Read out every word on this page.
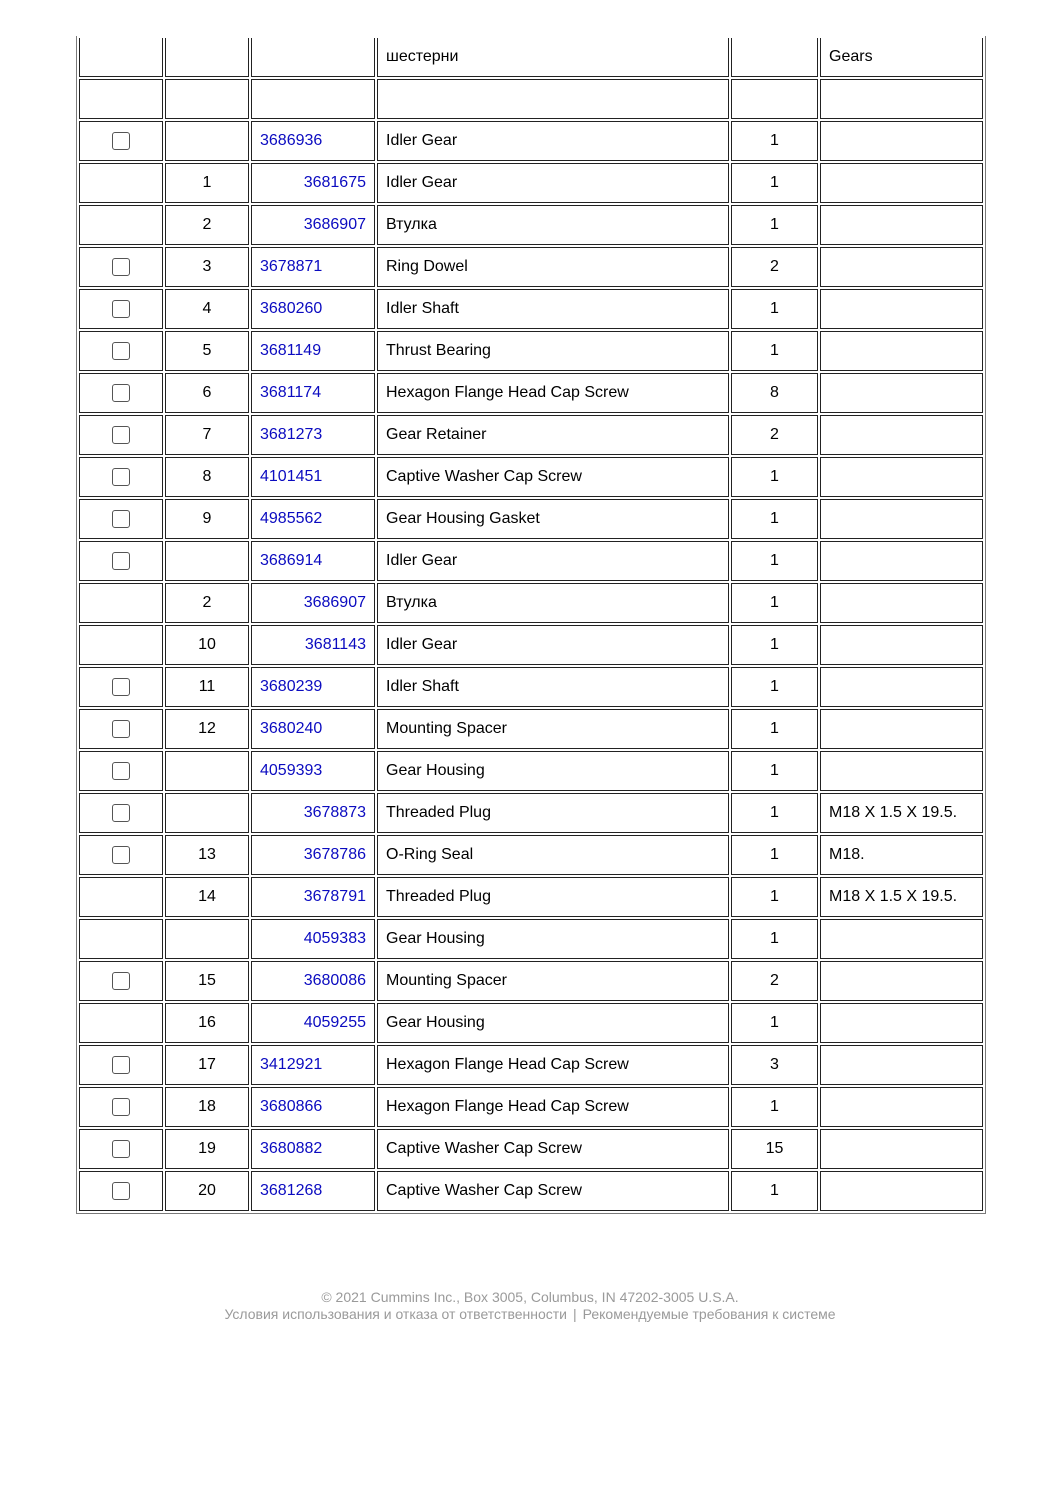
			шестерни		Gears

		3686936	Idler Gear	1	
	1	3681675	Idler Gear	1	
	2	3686907	Втулка	1	
	3	3678871	Ring Dowel	2	
	4	3680260	Idler Shaft	1	
	5	3681149	Thrust Bearing	1	
	6	3681174	Hexagon Flange Head Cap Screw	8	
	7	3681273	Gear Retainer	2	
	8	4101451	Captive Washer Cap Screw	1	
	9	4985562	Gear Housing Gasket	1	

		3686914	Idler Gear	1	
	2	3686907	Втулка	1	
	10	3681143	Idler Gear	1	
	11	3680239	Idler Shaft	1	
	12	3680240	Mounting Spacer	1	

		4059393	Gear Housing	1	

		3678873	Threaded Plug	1	M18 X 1.5 X 19.5.
	13	3678786	O-Ring Seal	1	M18.
	14	3678791	Threaded Plug	1	M18 X 1.5 X 19.5.

		4059383	Gear Housing	1	
	15	3680086	Mounting Spacer	2	
	16	4059255	Gear Housing	1	
	17	3412921	Hexagon Flange Head Cap Screw	3	
	18	3680866	Hexagon Flange Head Cap Screw	1	
	19	3680882	Captive Washer Cap Screw	15	
	20	3681268	Captive Washer Cap Screw	1	
© 2021 Cummins Inc., Box 3005, Columbus, IN 47202-3005 U.S.A.
Условия использования и отказа от ответственности | Рекомендуемые требования к системе
